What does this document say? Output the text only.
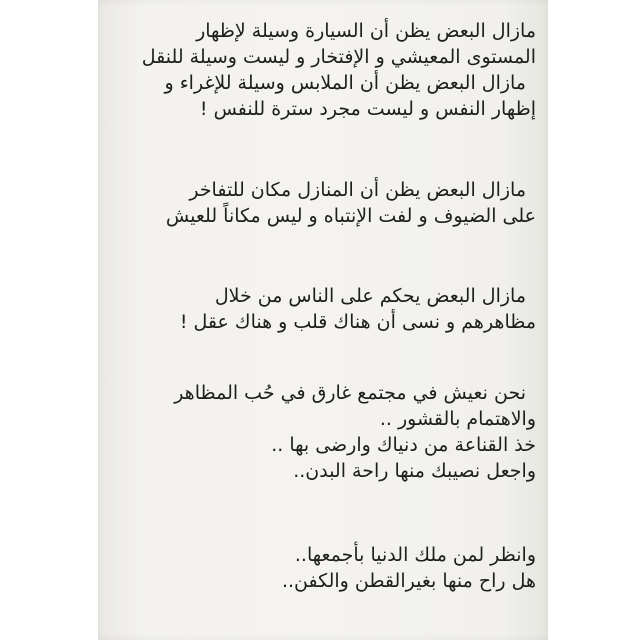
مازال البعض يظن أن السيارة وسيلة لإظهار
المستوى المعيشي و الإفتخار و ليست وسيلة للنقل
مازال البعض يظن أن الملابس وسيلة للإغراء و
إظهار النفس و ليست مجرد سترة للنفس !
مازال البعض يظن أن المنازل مكان للتفاخر
على الضيوف و لفت الإنتباه و ليس مكاناً للعيش
مازال البعض يحكم على الناس من خلال
مظاهرهم و نسى أن هناك قلب و هناك عقل !
نحن نعيش في مجتمع غارق في حُب المظاهر
والاهتمام بالقشور ..
خذ القناعة من دنياك وارضى بها ..
واجعل نصيبك منها راحة البدن..
وانظر لمن ملك الدنيا بأجمعها..
هل راح منها بغيرالقطن والكفن..
